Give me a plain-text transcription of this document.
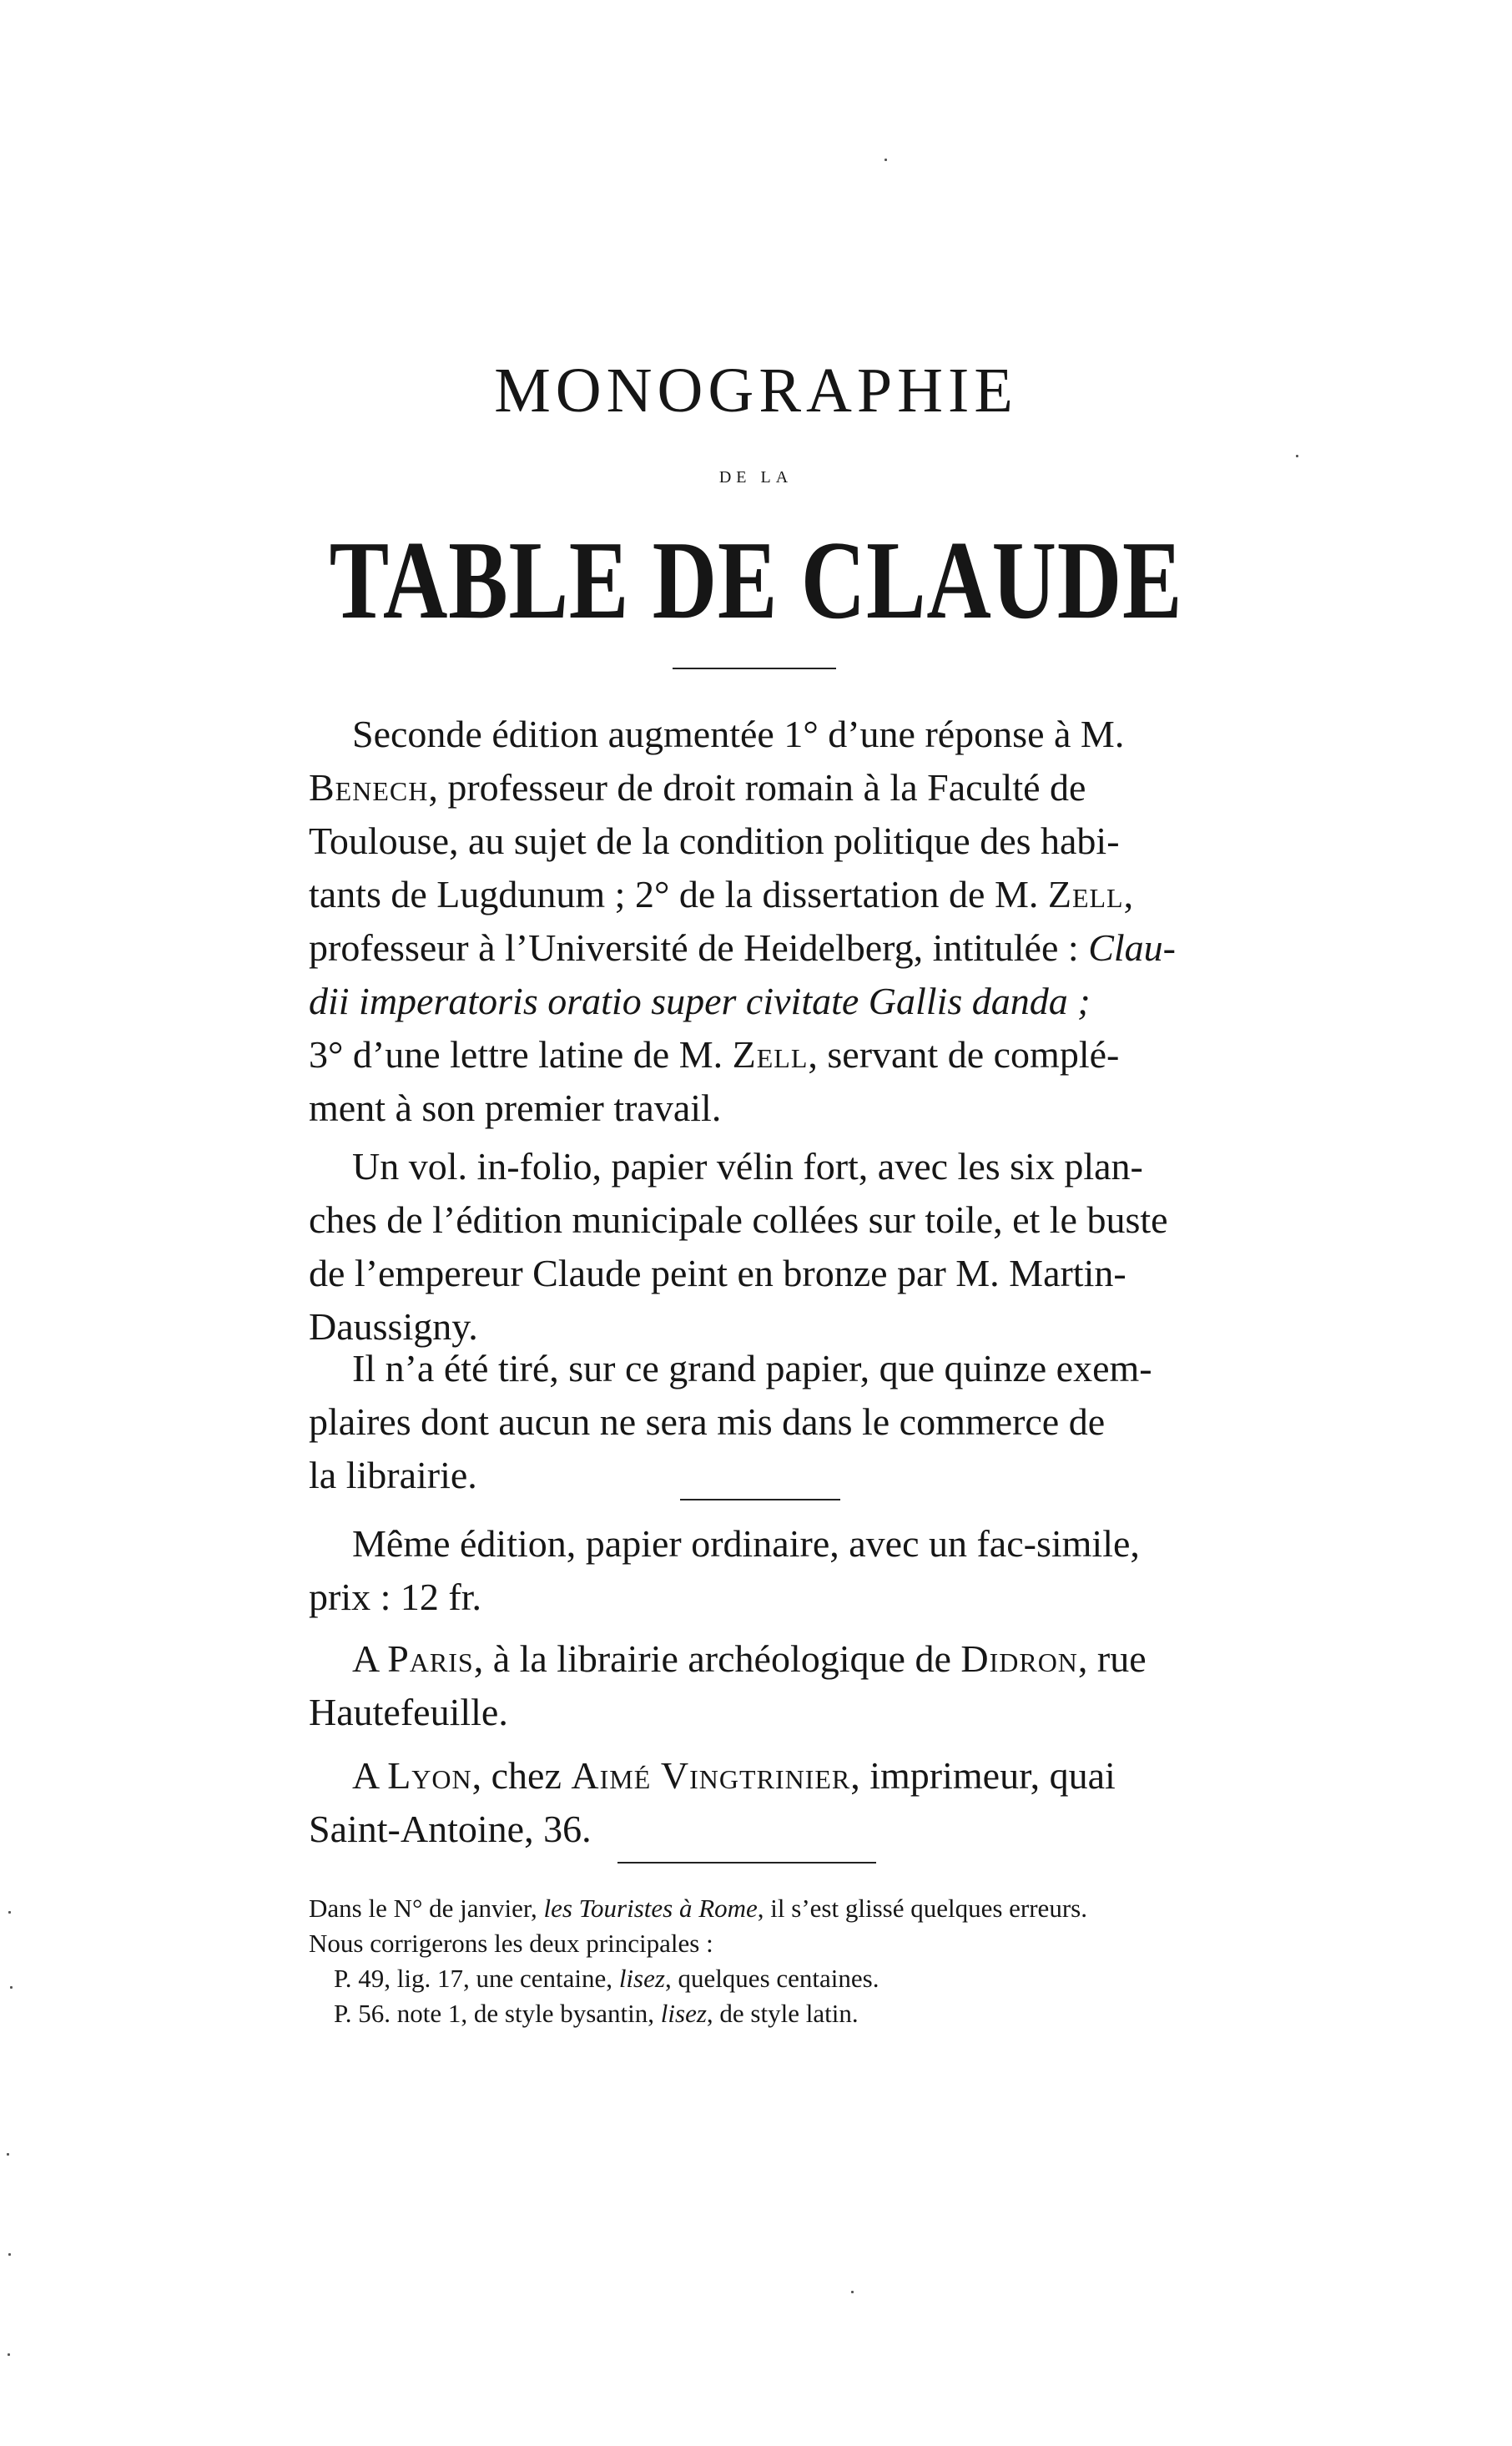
MONOGRAPHIE
DE LA
TABLE DE CLAUDE
Seconde édition augmentée 1° d’une réponse à M.
Benech, professeur de droit romain à la Faculté de
Toulouse, au sujet de la condition politique des habi-
tants de Lugdunum ; 2° de la dissertation de M. Zell,
professeur à l’Université de Heidelberg, intitulée : Clau-
dii imperatoris oratio super civitate Gallis danda ;
3° d’une lettre latine de M. Zell, servant de complé-
ment à son premier travail.
Un vol. in-folio, papier vélin fort, avec les six plan-
ches de l’édition municipale collées sur toile, et le buste
de l’empereur Claude peint en bronze par M. Martin-
Daussigny.
Il n’a été tiré, sur ce grand papier, que quinze exem-
plaires dont aucun ne sera mis dans le commerce de
la librairie.
Même édition, papier ordinaire, avec un fac-simile,
prix : 12 fr.
A Paris, à la librairie archéologique de Didron, rue
Hautefeuille.
A Lyon, chez Aimé Vingtrinier, imprimeur, quai
Saint-Antoine, 36.
Dans le N° de janvier, les Touristes à Rome, il s’est glissé quelques erreurs.
Nous corrigerons les deux principales :
P. 49, lig. 17, une centaine, lisez, quelques centaines.
P. 56. note 1, de style bysantin, lisez, de style latin.
